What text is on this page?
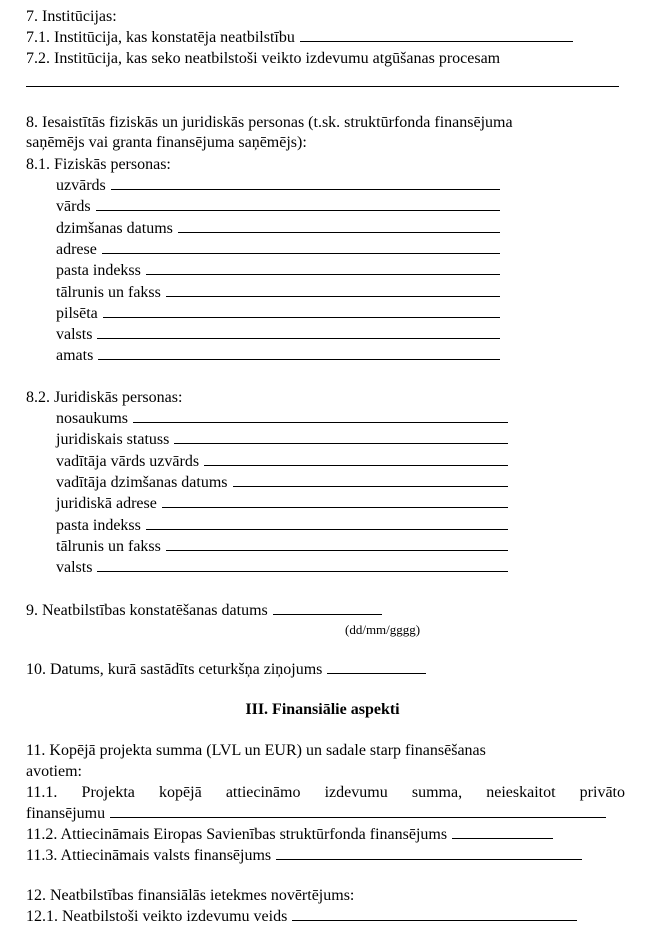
7. Institūcijas:
7.1. Institūcija, kas konstatēja neatbilstību
7.2. Institūcija, kas seko neatbilstoši veikto izdevumu atgūšanas procesam
8. Iesaistītās fiziskās un juridiskās personas (t.sk. struktūrfonda finansējuma
saņēmējs vai granta finansējuma saņēmējs):
8.1. Fiziskās personas:
uzvārds
vārds
dzimšanas datums
adrese
pasta indekss
tālrunis un fakss
pilsēta
valsts
amats
8.2. Juridiskās personas:
nosaukums
juridiskais statuss
vadītāja vārds uzvārds
vadītāja dzimšanas datums
juridiskā adrese
pasta indekss
tālrunis un fakss
valsts
9. Neatbilstības konstatēšanas datums
(dd/mm/gggg)
10. Datums, kurā sastādīts ceturkšņa ziņojums
III. Finansiālie aspekti
11. Kopējā projekta summa (LVL un EUR) un sadale starp finansēšanas
avotiem:
11.1. Projekta kopējā attiecināmo izdevumu summa, neieskaitot privāto
finansējumu
11.2. Attiecināmais Eiropas Savienības struktūrfonda finansējums
11.3. Attiecināmais valsts finansējums
12. Neatbilstības finansiālās ietekmes novērtējums:
12.1. Neatbilstoši veikto izdevumu veids
